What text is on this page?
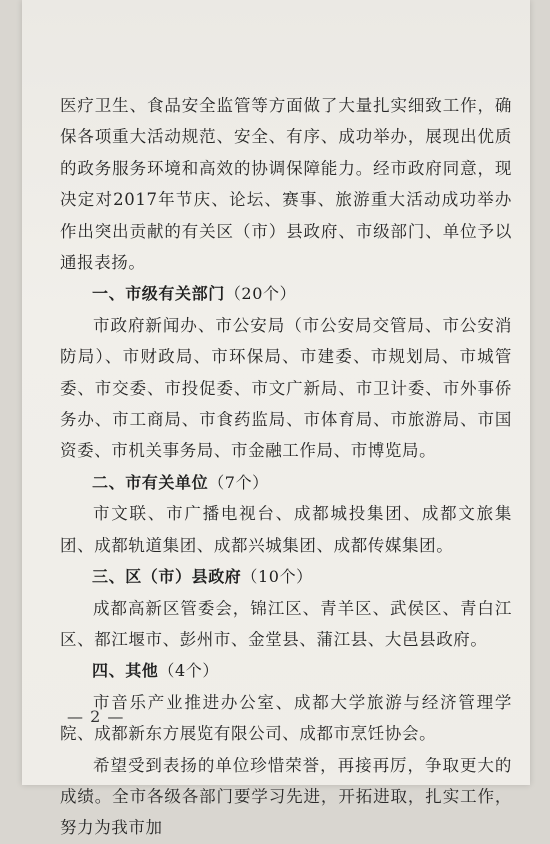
医疗卫生、食品安全监管等方面做了大量扎实细致工作，确保各项重大活动规范、安全、有序、成功举办，展现出优质的政务服务环境和高效的协调保障能力。经市政府同意，现决定对2017年节庆、论坛、赛事、旅游重大活动成功举办作出突出贡献的有关区（市）县政府、市级部门、单位予以通报表扬。

一、市级有关部门（20个）

市政府新闻办、市公安局（市公安局交管局、市公安消防局）、市财政局、市环保局、市建委、市规划局、市城管委、市交委、市投促委、市文广新局、市卫计委、市外事侨务办、市工商局、市食药监局、市体育局、市旅游局、市国资委、市机关事务局、市金融工作局、市博览局。

二、市有关单位（7个）

市文联、市广播电视台、成都城投集团、成都文旅集团、成都轨道集团、成都兴城集团、成都传媒集团。

三、区（市）县政府（10个）

成都高新区管委会，锦江区、青羊区、武侯区、青白江区、都江堰市、彭州市、金堂县、蒲江县、大邑县政府。

四、其他（4个）

市音乐产业推进办公室、成都大学旅游与经济管理学院、成都新东方展览有限公司、成都市烹饪协会。

希望受到表扬的单位珍惜荣誉，再接再厉，争取更大的成绩。全市各级各部门要学习先进，开拓进取，扎实工作，努力为我市加

— 2 —
